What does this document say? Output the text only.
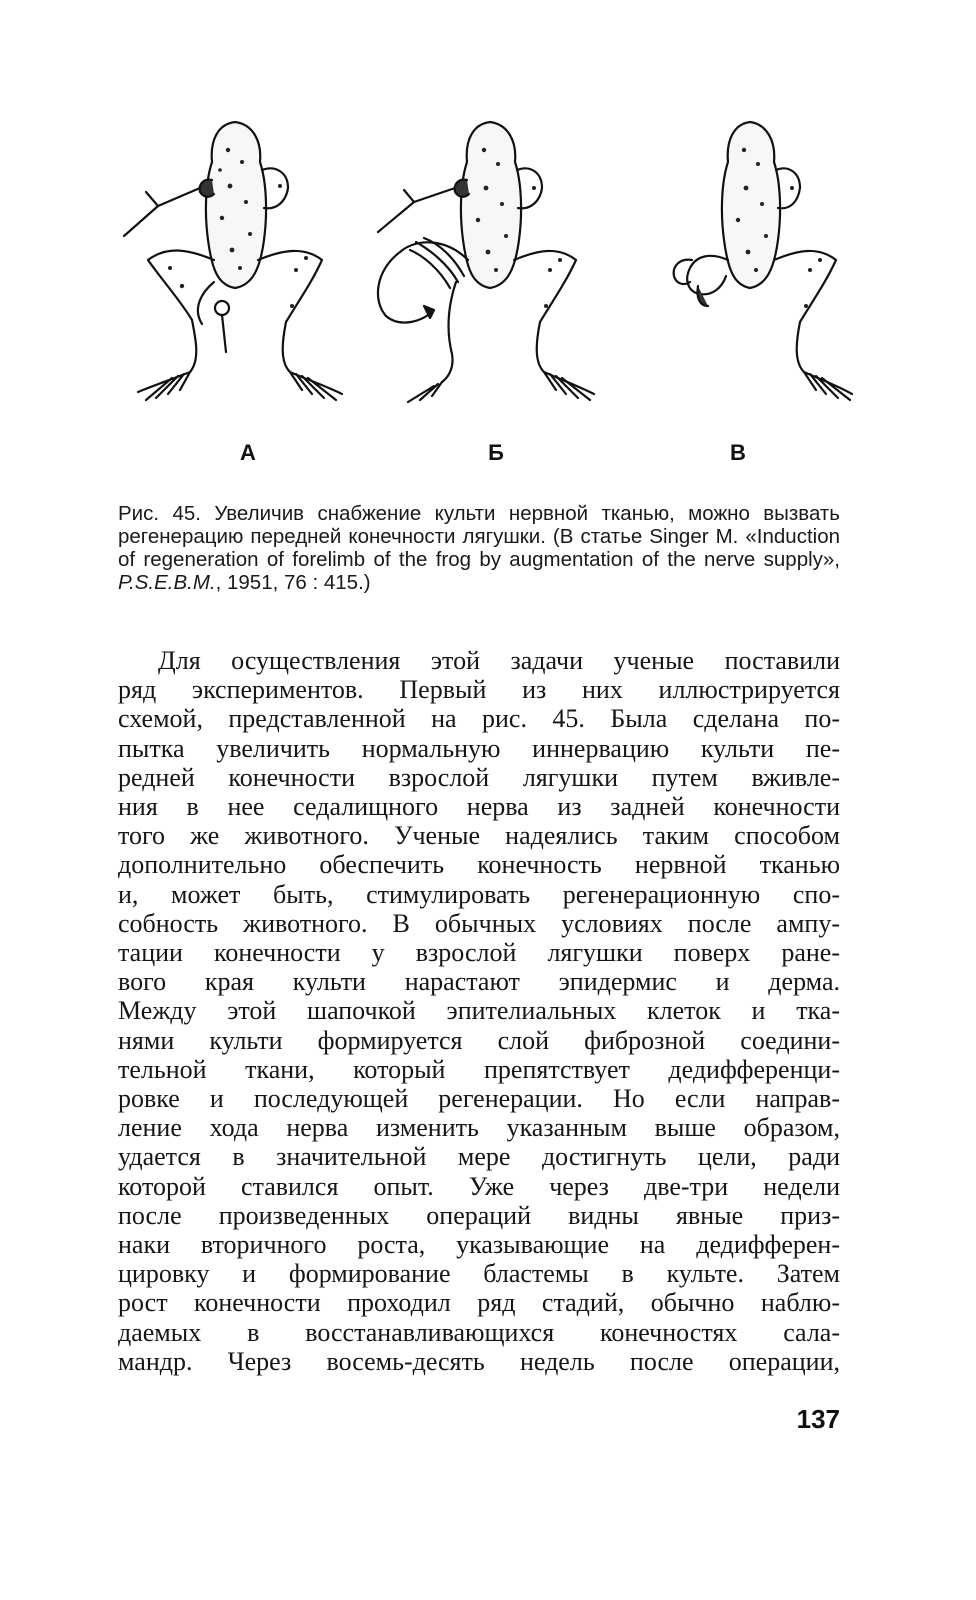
А	Б	В
Рис. 45. Увеличив снабжение культи нервной тканью, можно вызвать регенерацию передней конечности лягушки. (В статье Singer M. «Induction of regeneration of forelimb of the frog by augmentation of the nerve supply», P.S.E.B.M., 1951, 76 : 415.)
Для осуществления этой задачи ученые поставили
ряд экспериментов. Первый из них иллюстрируется
схемой, представленной на рис. 45. Была сделана по-
пытка увеличить нормальную иннервацию культи пе-
редней конечности взрослой лягушки путем вживле-
ния в нее седалищного нерва из задней конечности
того же животного. Ученые надеялись таким способом
дополнительно обеспечить конечность нервной тканью
и, может быть, стимулировать регенерационную спо-
собность животного. В обычных условиях после ампу-
тации конечности у взрослой лягушки поверх ране-
вого края культи нарастают эпидермис и дерма.
Между этой шапочкой эпителиальных клеток и тка-
нями культи формируется слой фиброзной соедини-
тельной ткани, который препятствует дедифференци-
ровке и последующей регенерации. Но если направ-
ление хода нерва изменить указанным выше образом,
удается в значительной мере достигнуть цели, ради
которой ставился опыт. Уже через две-три недели
после произведенных операций видны явные приз-
наки вторичного роста, указывающие на дедифферен-
цировку и формирование бластемы в культе. Затем
рост конечности проходил ряд стадий, обычно наблю-
даемых в восстанавливающихся конечностях сала-
мандр. Через восемь-десять недель после операции,
137
